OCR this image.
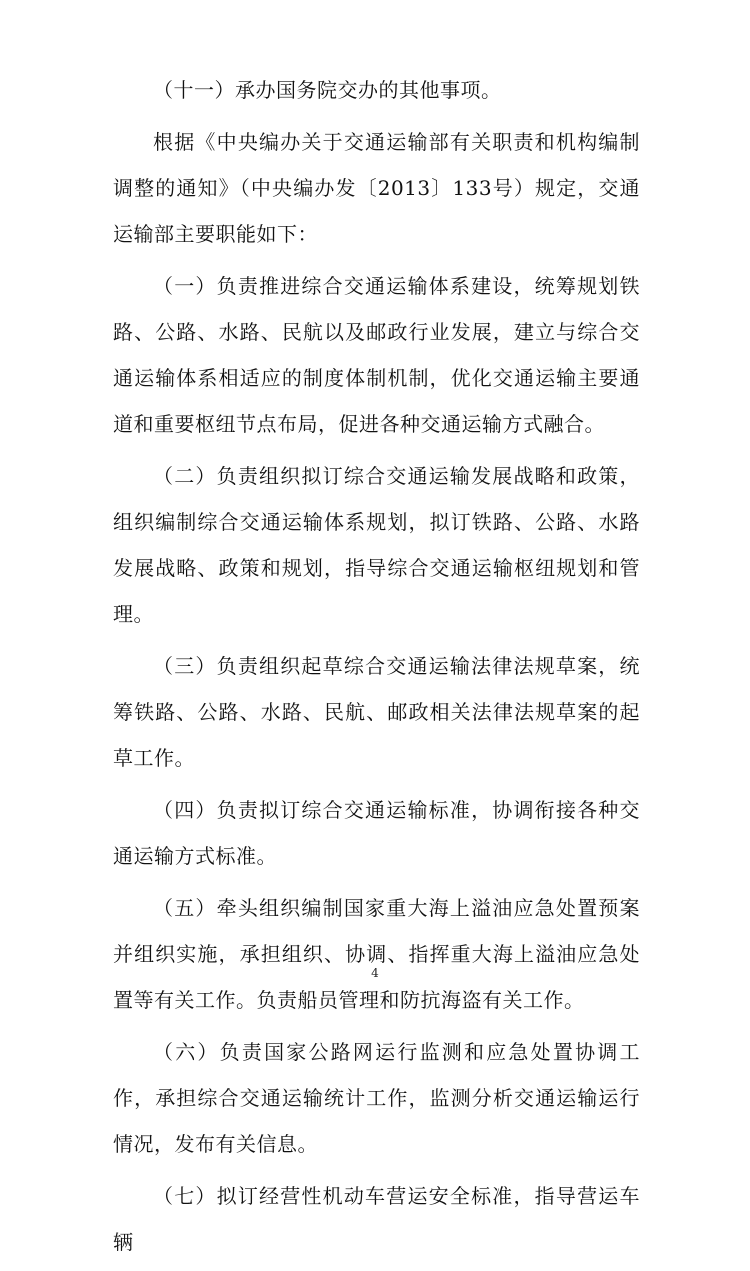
（十一）承办国务院交办的其他事项。

根据《中央编办关于交通运输部有关职责和机构编制调整的通知》（中央编办发〔2013〕133号）规定，交通运输部主要职能如下：

（一）负责推进综合交通运输体系建设，统筹规划铁路、公路、水路、民航以及邮政行业发展，建立与综合交通运输体系相适应的制度体制机制，优化交通运输主要通道和重要枢纽节点布局，促进各种交通运输方式融合。

（二）负责组织拟订综合交通运输发展战略和政策，组织编制综合交通运输体系规划，拟订铁路、公路、水路发展战略、政策和规划，指导综合交通运输枢纽规划和管理。

（三）负责组织起草综合交通运输法律法规草案，统筹铁路、公路、水路、民航、邮政相关法律法规草案的起草工作。

（四）负责拟订综合交通运输标准，协调衔接各种交通运输方式标准。

（五）牵头组织编制国家重大海上溢油应急处置预案并组织实施，承担组织、协调、指挥重大海上溢油应急处置等有关工作。负责船员管理和防抗海盗有关工作。

（六）负责国家公路网运行监测和应急处置协调工作，承担综合交通运输统计工作，监测分析交通运输运行情况，发布有关信息。

（七）拟订经营性机动车营运安全标准，指导营运车辆

4
